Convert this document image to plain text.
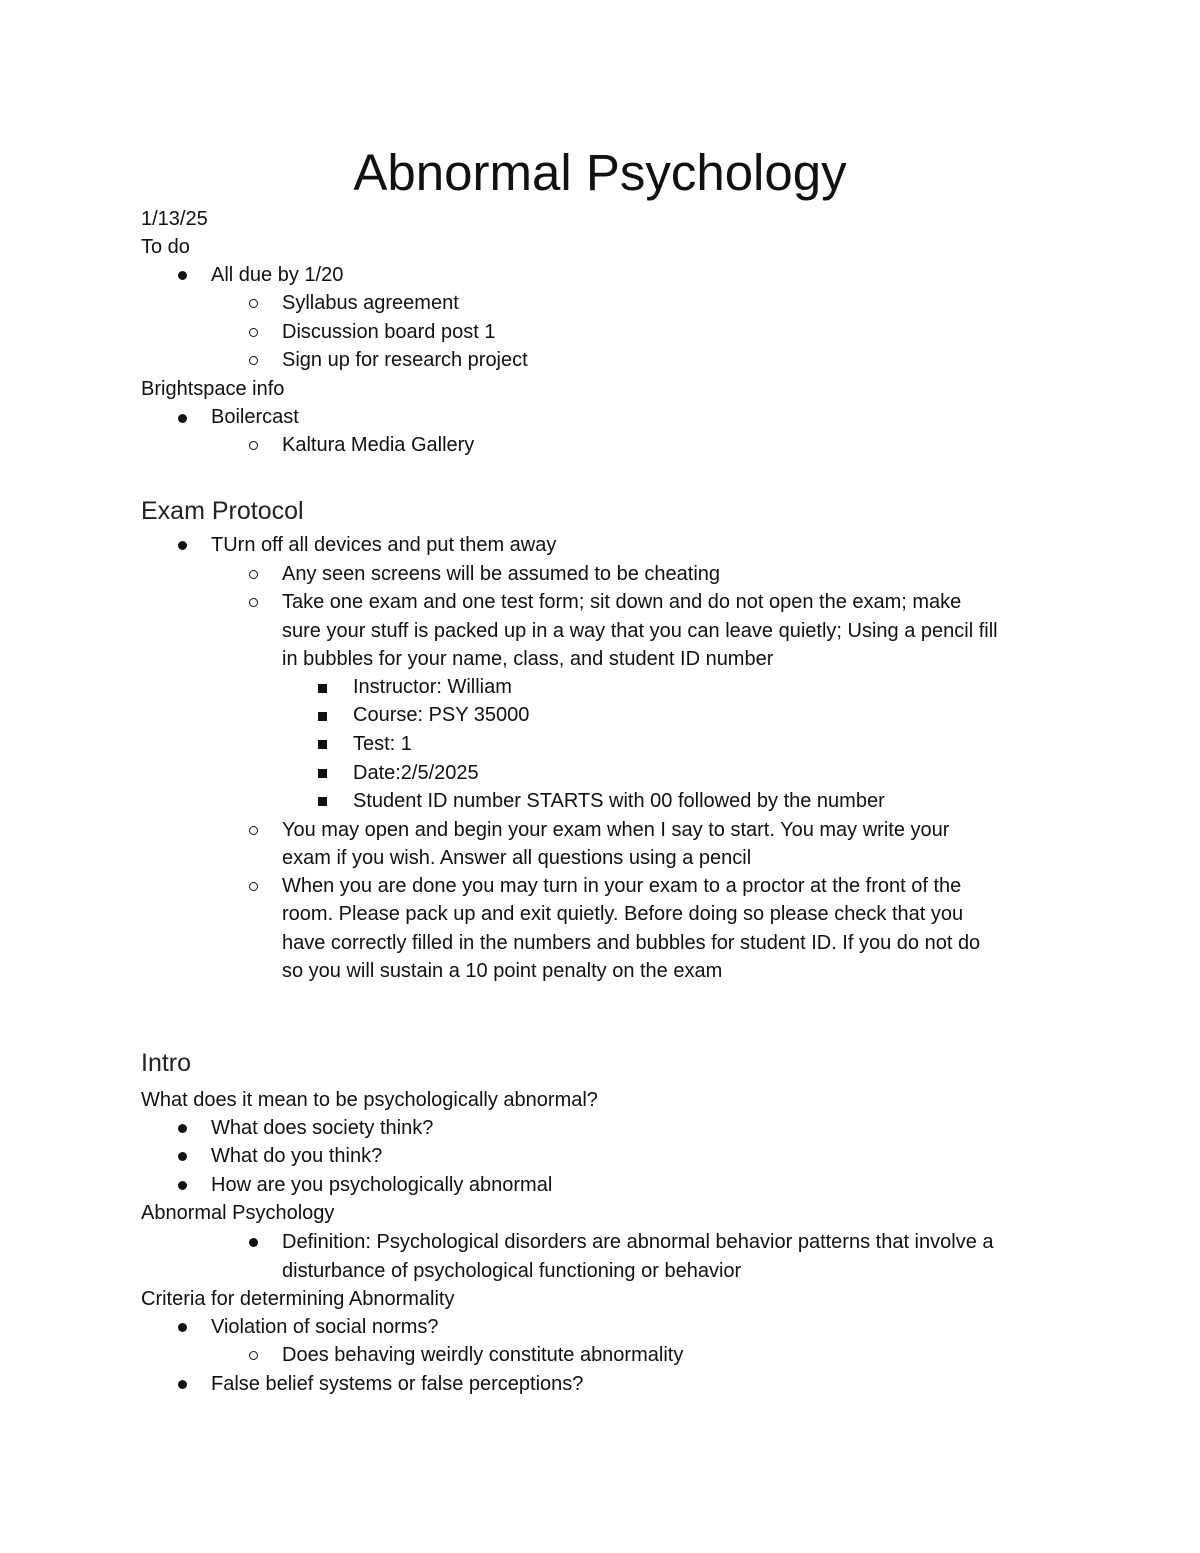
Abnormal Psychology
1/13/25
To do
All due by 1/20
Syllabus agreement
Discussion board post 1
Sign up for research project
Brightspace info
Boilercast
Kaltura Media Gallery
Exam Protocol
TUrn off all devices and put them away
Any seen screens will be assumed to be cheating
Take one exam and one test form; sit down and do not open the exam; make
sure your stuff is packed up in a way that you can leave quietly; Using a pencil fill
in bubbles for your name, class, and student ID number
Instructor: William
Course: PSY 35000
Test: 1
Date:2/5/2025
Student ID number STARTS with 00 followed by the number
You may open and begin your exam when I say to start. You may write your
exam if you wish. Answer all questions using a pencil
When you are done you may turn in your exam to a proctor at the front of the
room. Please pack up and exit quietly. Before doing so please check that you
have correctly filled in the numbers and bubbles for student ID. If you do not do
so you will sustain a 10 point penalty on the exam
Intro
What does it mean to be psychologically abnormal?
What does society think?
What do you think?
How are you psychologically abnormal
Abnormal Psychology
Definition: Psychological disorders are abnormal behavior patterns that involve a
disturbance of psychological functioning or behavior
Criteria for determining Abnormality
Violation of social norms?
Does behaving weirdly constitute abnormality
False belief systems or false perceptions?
